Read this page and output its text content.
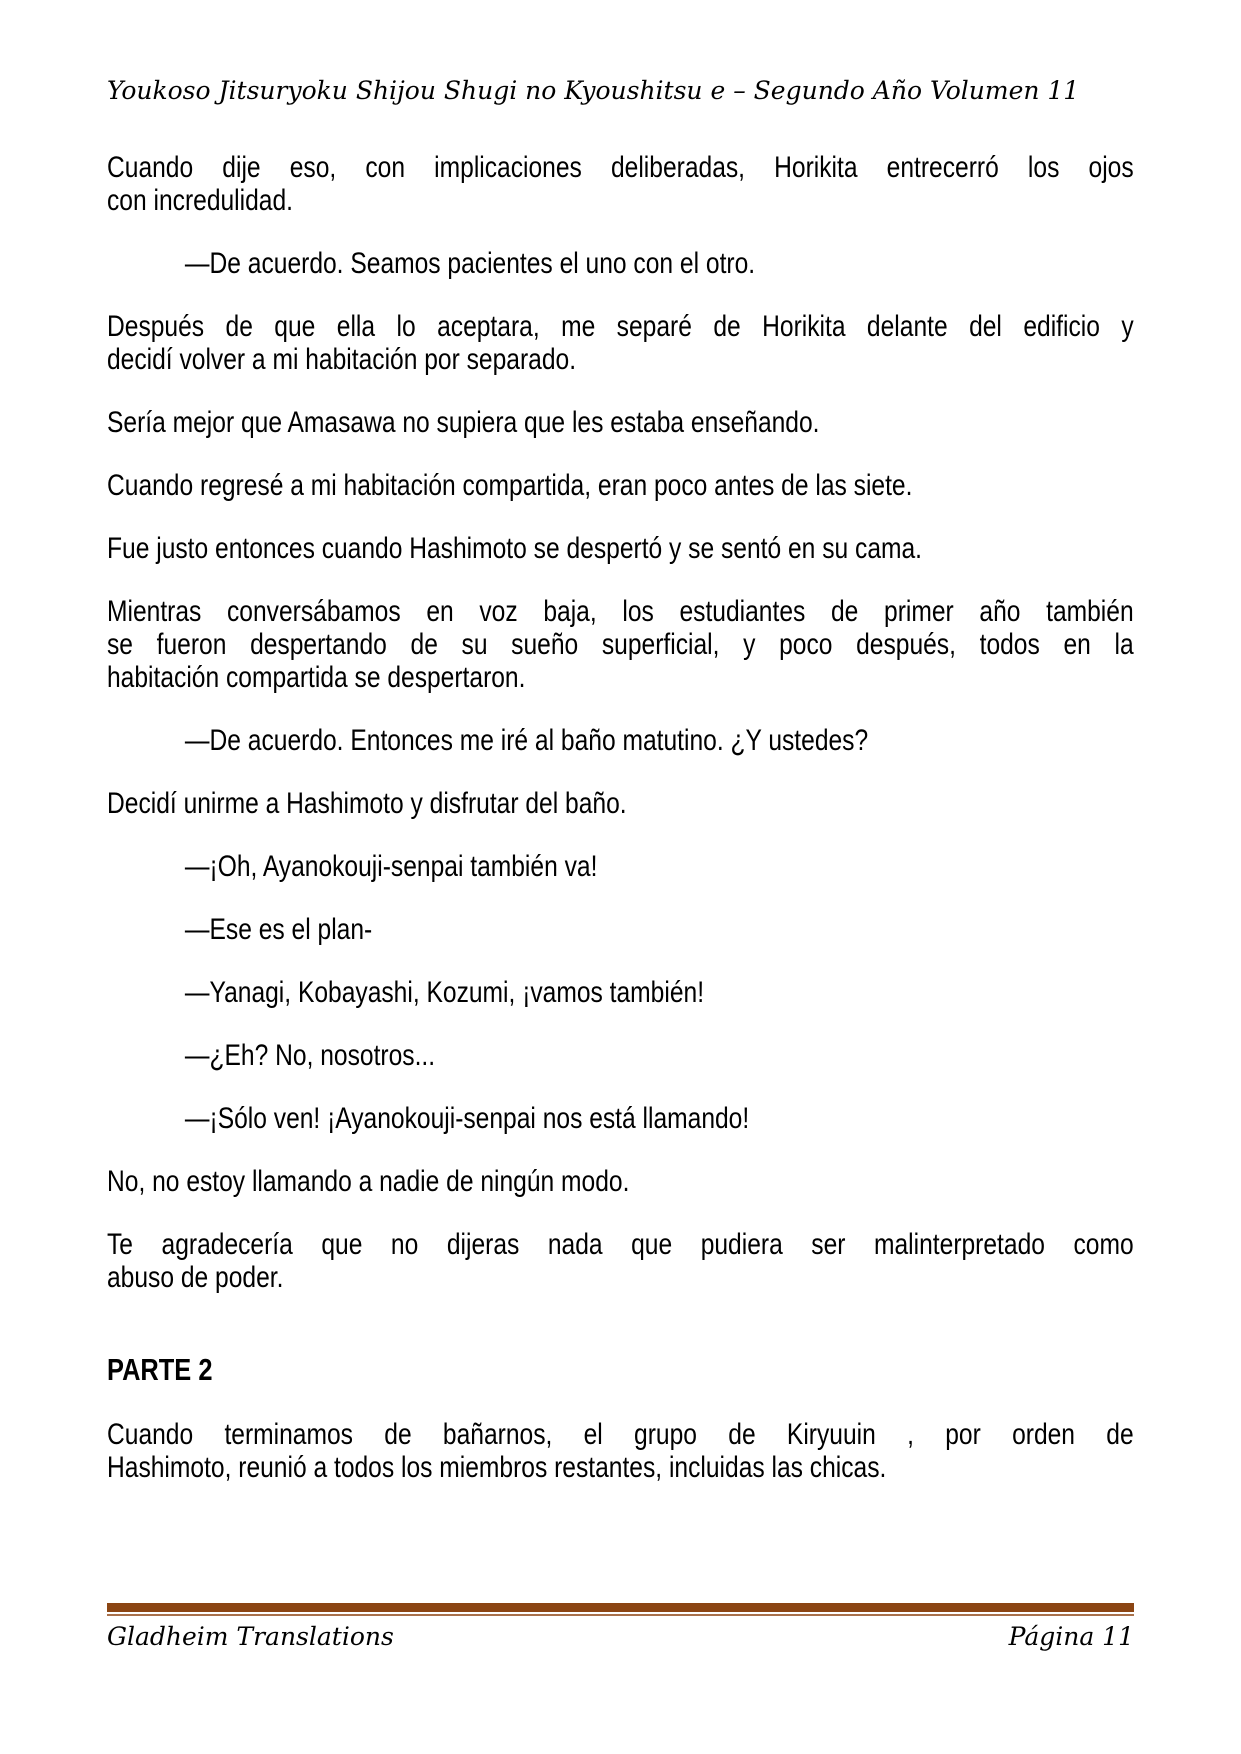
Youkoso Jitsuryoku Shijou Shugi no Kyoushitsu e – Segundo Año Volumen 11
Cuando dije eso, con implicaciones deliberadas, Horikita entrecerró los ojos
con incredulidad.
—De acuerdo. Seamos pacientes el uno con el otro.
Después de que ella lo aceptara, me separé de Horikita delante del edificio y
decidí volver a mi habitación por separado.
Sería mejor que Amasawa no supiera que les estaba enseñando.
Cuando regresé a mi habitación compartida, eran poco antes de las siete.
Fue justo entonces cuando Hashimoto se despertó y se sentó en su cama.
Mientras conversábamos en voz baja, los estudiantes de primer año también
se fueron despertando de su sueño superficial, y poco después, todos en la
habitación compartida se despertaron.
—De acuerdo. Entonces me iré al baño matutino. ¿Y ustedes?
Decidí unirme a Hashimoto y disfrutar del baño.
—¡Oh, Ayanokouji-senpai también va!
—Ese es el plan-
—Yanagi, Kobayashi, Kozumi, ¡vamos también!
—¿Eh? No, nosotros...
—¡Sólo ven! ¡Ayanokouji-senpai nos está llamando!
No, no estoy llamando a nadie de ningún modo.
Te agradecería que no dijeras nada que pudiera ser malinterpretado como
abuso de poder.
PARTE 2
Cuando terminamos de bañarnos, el grupo de Kiryuuin , por orden de
Hashimoto, reunió a todos los miembros restantes, incluidas las chicas.
Gladheim Translations	Página 11
